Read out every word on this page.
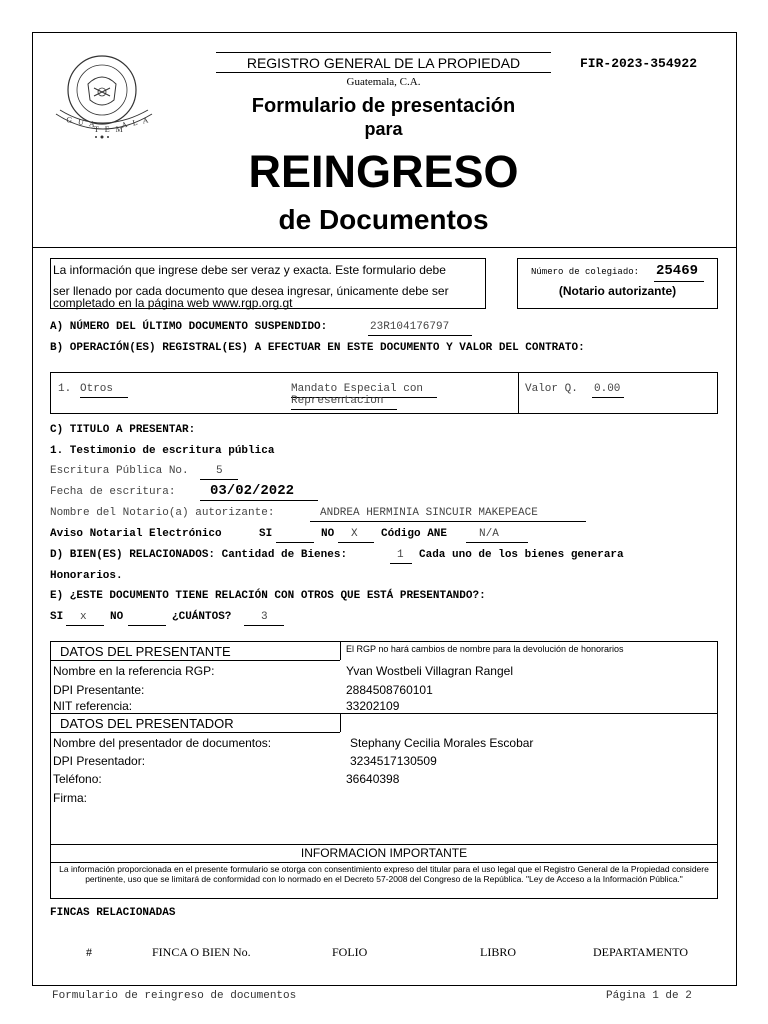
G U A
T E M
A L A
REGISTRO GENERAL DE LA PROPIEDAD
Guatemala, C.A.
FIR-2023-354922
Formulario de presentación
para
REINGRESO
de Documentos
La información que ingrese debe ser veraz y exacta. Este formulario debe
ser llenado por cada documento que desea ingresar, únicamente debe ser
completado en la página web www.rgp.org.gt
Número de colegiado: 25469
(Notario autorizante)
A) NÚMERO DEL ÚLTIMO DOCUMENTO SUSPENDIDO:	23R104176797
B) OPERACIÓN(ES) REGISTRAL(ES) A EFECTUAR EN ESTE DOCUMENTO Y VALOR DEL CONTRATO:
1. Otros	Mandato Especial con
Representacion
Valor Q. 0.00
C) TITULO A PRESENTAR:
1. Testimonio de escritura pública
Escritura Pública No. 5
Fecha de escritura: 03/02/2022
Nombre del Notario(a) autorizante:	ANDREA HERMINIA SINCUIR MAKEPEACE
Aviso Notarial Electrónico	SI	NO X Código ANE	N/A
D) BIEN(ES) RELACIONADOS: Cantidad de Bienes:	1 Cada uno de los bienes generara
Honorarios.
E) ¿ESTE DOCUMENTO TIENE RELACIÓN CON OTROS QUE ESTÁ PRESENTANDO?:
SI x NO	¿CUÁNTOS?	3
DATOS DEL PRESENTANTE	El RGP no hará cambios de nombre para la devolución de honorarios
Nombre en la referencia RGP:	Yvan Wostbeli Villagran Rangel
DPI Presentante:	2884508760101
NIT referencia:	33202109
DATOS DEL PRESENTADOR
Nombre del presentador de documentos:	Stephany Cecilia Morales Escobar
DPI Presentador:	3234517130509
Teléfono:	36640398
Firma:
INFORMACION IMPORTANTE
La información proporcionada en el presente formulario se otorga con consentimiento expreso del titular para el uso legal que el Registro General de la Propiedad considere pertinente, uso que se limitará de conformidad con lo normado en el Decreto 57-2008 del Congreso de la República. "Ley de Acceso a la Información Pública."
FINCAS RELACIONADAS
#	FINCA O BIEN No.	FOLIO	LIBRO	DEPARTAMENTO
Formulario de reingreso de documentos	Página 1 de 2
